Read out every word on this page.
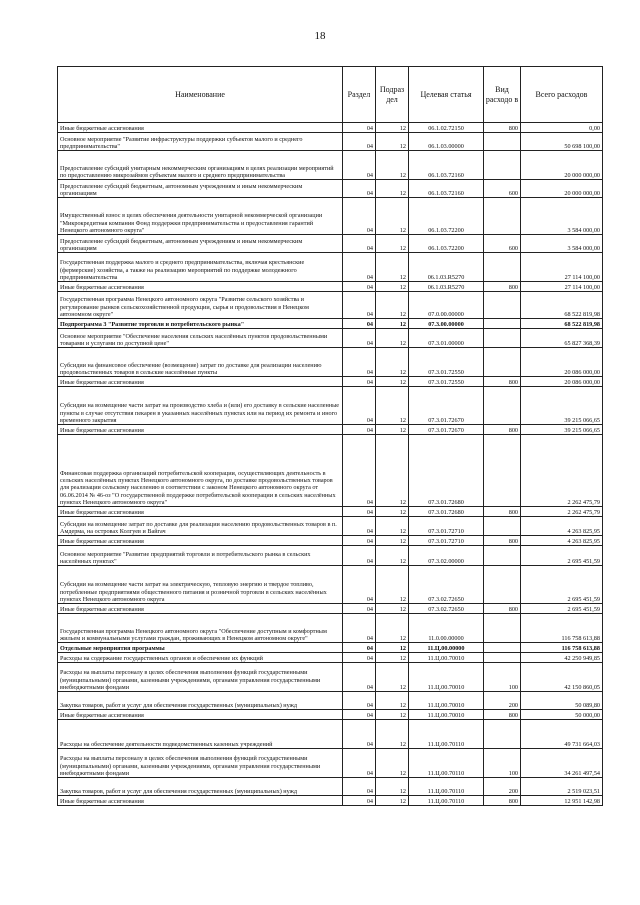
18
Наименование	Раздел	Подраз дел	Целевая статья	Вид расходо в	Всего расходов
Иные бюджетные ассигнования	04	12	06.1.02.72150	800	0,00
Основное мероприятие "Развитие инфраструктуры поддержки субъектов малого и среднего предпринимательства"	04	12	06.1.03.00000		50 698 100,00
Предоставление субсидий унитарным некоммерческим организациям в целях реализации мероприятий по предоставлению микрозаймов субъектам малого и среднего предпринимательства	04	12	06.1.03.72160		20 000 000,00
Предоставление субсидий бюджетным, автономным учреждениям и иным некоммерческим организациям	04	12	06.1.03.72160	600	20 000 000,00
Имущественный взнос в целях обеспечения деятельности унитарной некоммерческой организации "Микрокредитная компания Фонд поддержки предпринимательства и предоставления гарантий Ненецкого автономного округа"	04	12	06.1.03.72200		3 584 000,00
Предоставление субсидий бюджетным, автономным учреждениям и иным некоммерческим организациям	04	12	06.1.03.72200	600	3 584 000,00
Государственная поддержка малого и среднего предпринимательства, включая крестьянские (фермерские) хозяйства, а также на реализацию мероприятий по поддержке молодежного предпринимательства	04	12	06.1.03.R5270		27 114 100,00
Иные бюджетные ассигнования	04	12	06.1.03.R5270	800	27 114 100,00
Государственная программа Ненецкого автономного округа "Развитие сельского хозяйства и регулирование рынков сельскохозяйственной продукции, сырья и продовольствия в Ненецком автономном округе"	04	12	07.0.00.00000		68 522 819,98
Подпрограмма 3 "Развитие торговли и потребительского рынка"	04	12	07.3.00.00000		68 522 819,98
Основное мероприятие "Обеспечение населения сельских населённых пунктов продовольственными товарами и услугами по доступной цене"	04	12	07.3.01.00000		65 827 368,39
Субсидии на финансовое обеспечение (возмещение) затрат по доставке для реализации населению продовольственных товаров в сельские населённые пункты	04	12	07.3.01.72550		20 086 000,00
Иные бюджетные ассигнования	04	12	07.3.01.72550	800	20 086 000,00
Субсидии на возмещение части затрат на производство хлеба и (или) его доставку в сельские населенные пункты в случае отсутствия пекарен в указанных населённых пунктах или на период их ремонта и иного временного закрытия	04	12	07.3.01.72670		39 215 066,65
Иные бюджетные ассигнования	04	12	07.3.01.72670	800	39 215 066,65
Финансовая поддержка организаций потребительской кооперации, осуществляющих деятельность в сельских населённых пунктах Ненецкого автономного округа, по доставке продовольственных товаров для реализации сельскому населению в соответствии с законом Ненецкого автономного округа от 06.06.2014 № 46-оз "О государственной поддержке потребительской кооперации в сельских населённых пунктах Ненецкого автономного округа"	04	12	07.3.01.72680		2 262 475,79
Иные бюджетные ассигнования	04	12	07.3.01.72680	800	2 262 475,79
Субсидии на возмещение затрат по доставке для реализации населению продовольственных товаров в п. Амдерма, на островах Колгуев и Вайгач	04	12	07.3.01.72710		4 263 825,95
Иные бюджетные ассигнования	04	12	07.3.01.72710	800	4 263 825,95
Основное мероприятие "Развитие предприятий торговли и потребительского рынка в сельских населённых пунктах"	04	12	07.3.02.00000		2 695 451,59
Субсидии на возмещение части затрат на электрическую, тепловую энергию и твердое топливо, потребленные предприятиями общественного питания и розничной торговли в сельских населённых пунктах Ненецкого автономного округа	04	12	07.3.02.72650		2 695 451,59
Иные бюджетные ассигнования	04	12	07.3.02.72650	800	2 695 451,59
Государственная программа Ненецкого автономного округа "Обеспечение доступным и комфортным жильем и коммунальными услугами граждан, проживающих в Ненецком автономном округе"	04	12	11.0.00.00000		116 758 613,88
Отдельные мероприятия программы	04	12	11.Ц.00.00000		116 758 613,88
Расходы на содержание государственных органов и обеспечение их функций	04	12	11.Ц.00.70010		42 250 949,85
Расходы на выплаты персоналу в целях обеспечения выполнения функций государственными (муниципальными) органами, казенными учреждениями, органами управления государственными внебюджетными фондами	04	12	11.Ц.00.70010	100	42 150 860,05
Закупка товаров, работ и услуг для обеспечения государственных (муниципальных) нужд	04	12	11.Ц.00.70010	200	50 089,80
Иные бюджетные ассигнования	04	12	11.Ц.00.70010	800	50 000,00
Расходы на обеспечение деятельности подведомственных казенных учреждений	04	12	11.Ц.00.70110		49 731 664,03
Расходы на выплаты персоналу в целях обеспечения выполнения функций государственными (муниципальными) органами, казенными учреждениями, органами управления государственными внебюджетными фондами	04	12	11.Ц.00.70110	100	34 261 497,54
Закупка товаров, работ и услуг для обеспечения государственных (муниципальных) нужд	04	12	11.Ц.00.70110	200	2 519 023,51
Иные бюджетные ассигнования	04	12	11.Ц.00.70110	800	12 951 142,98
